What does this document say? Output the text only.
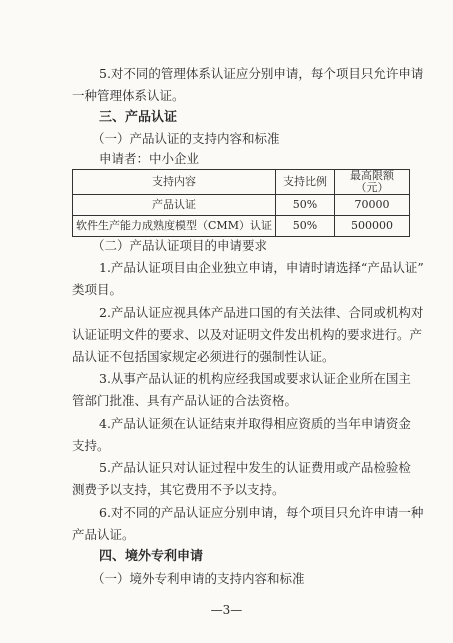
5.对不同的管理体系认证应分别申请，每个项目只允许申请
一种管理体系认证。
三、产品认证
（一）产品认证的支持内容和标准
申请者：中小企业
支持内容	支持比例	最高限额（元）
产品认证	50%	70000
软件生产能力成熟度模型（CMM）认证	50%	500000
（二）产品认证项目的申请要求
1.产品认证项目由企业独立申请，申请时请选择“产品认证”
类项目。
2.产品认证应视具体产品进口国的有关法律、合同或机构对
认证证明文件的要求、以及对证明文件发出机构的要求进行。产
品认证不包括国家规定必须进行的强制性认证。
3.从事产品认证的机构应经我国或要求认证企业所在国主
管部门批准、具有产品认证的合法资格。
4.产品认证须在认证结束并取得相应资质的当年申请资金
支持。
5.产品认证只对认证过程中发生的认证费用或产品检验检
测费予以支持，其它费用不予以支持。
6.对不同的产品认证应分别申请，每个项目只允许申请一种
产品认证。
四、境外专利申请
（一）境外专利申请的支持内容和标准
—3—
